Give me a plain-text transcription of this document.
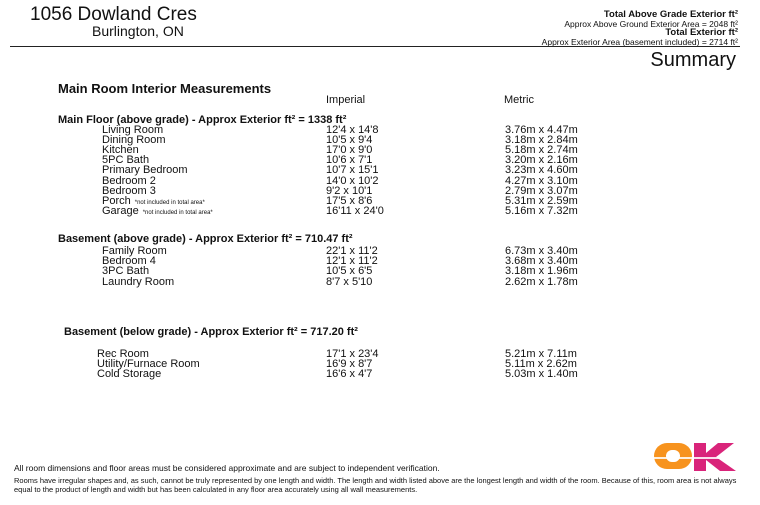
1056 Dowland Cres
Burlington, ON
Total Above Grade Exterior ft²
Approx Above Ground Exterior Area = 2048 ft²
Total Exterior ft²
Approx Exterior Area (basement included) = 2714 ft²
Summary
Main Room Interior Measurements
Imperial	Metric
Main Floor (above grade) - Approx Exterior ft² = 1338 ft²
Living Room	12'4 x 14'8	3.76m x 4.47m
Dining Room	10'5 x 9'4	3.18m x 2.84m
Kitchen	17'0 x 9'0	5.18m x 2.74m
5PC Bath	10'6 x 7'1	3.20m x 2.16m
Primary Bedroom	10'7 x 15'1	3.23m x 4.60m
Bedroom 2	14'0 x 10'2	4.27m x 3.10m
Bedroom 3	9'2 x 10'1	2.79m x 3.07m
Porch *not included in total area*	17'5 x 8'6	5.31m x 2.59m
Garage *not included in total area*	16'11 x 24'0	5.16m x 7.32m
Basement (above grade) - Approx Exterior ft² = 710.47 ft²
Family Room	22'1 x 11'2	6.73m x 3.40m
Bedroom 4	12'1 x 11'2	3.68m x 3.40m
3PC Bath	10'5 x 6'5	3.18m x 1.96m
Laundry Room	8'7 x 5'10	2.62m x 1.78m
Basement (below grade) - Approx Exterior ft² = 717.20 ft²
Rec Room	17'1 x 23'4	5.21m x 7.11m
Utility/Furnace Room	16'9 x 8'7	5.11m x 2.62m
Cold Storage	16'6 x 4'7	5.03m x 1.40m
All room dimensions and floor areas must be considered approximate and are subject to independent verification.
Rooms have irregular shapes and, as such, cannot be truly represented by one length and width. The length and width listed above are the longest length and width of the room. Because of this, room area is not always equal to the product of length and width but has been calculated in any floor area accurately using all wall measurements.
